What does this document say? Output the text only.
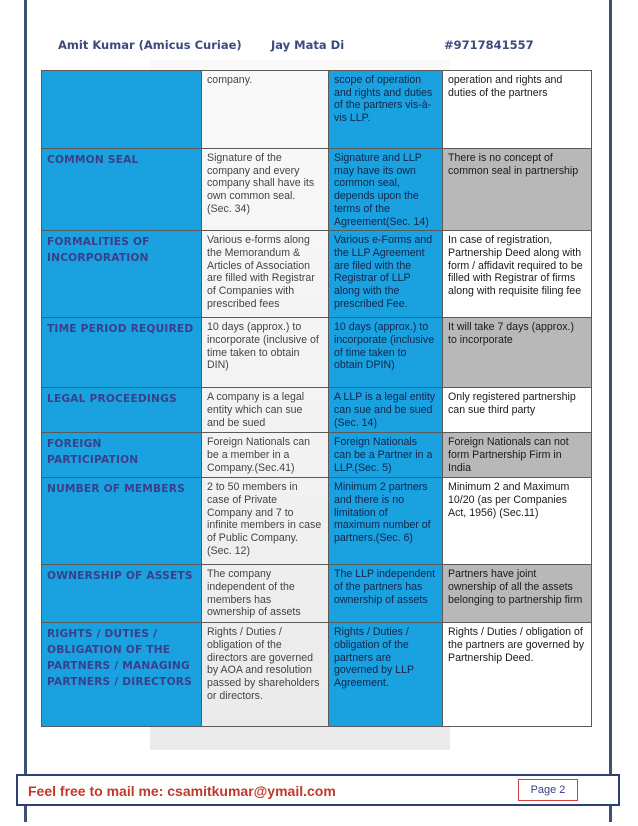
Amit Kumar (Amicus Curiae)	Jay Mata Di	#9717841557
	company.	scope of operation and rights and duties of the partners vis-à-vis LLP.	operation and rights and duties of the partners
COMMON SEAL	Signature of the company and every company shall have its own common seal. (Sec. 34)	Signature and LLP may have its own common seal, depends upon the terms of the Agreement(Sec. 14)	There is no concept of common seal in partnership
FORMALITIES OF INCORPORATION	Various e-forms along the Memorandum & Articles of Association are filled with Registrar of Companies with prescribed fees	Various e-Forms and the LLP Agreement are filed with the Registrar of LLP along with the prescribed Fee.	In case of registration, Partnership Deed along with form / affidavit required to be filled with Registrar of firms along with requisite filing fee
TIME PERIOD REQUIRED	10 days (approx.) to incorporate (inclusive of time taken to obtain DIN)	10 days (approx.) to incorporate (inclusive of time taken to obtain DPIN)	It will take 7 days (approx.) to incorporate
LEGAL PROCEEDINGS	A company is a legal entity which can sue and be sued	A LLP is a legal entity can sue and be sued (Sec. 14)	Only registered partnership can sue third party
FOREIGN PARTICIPATION	Foreign Nationals can be a member in a Company.(Sec.41)	Foreign Nationals can be a Partner in a LLP.(Sec. 5)	Foreign Nationals can not form Partnership Firm in India
NUMBER OF MEMBERS	2 to 50 members in case of Private Company and 7 to infinite members in case of Public Company. (Sec. 12)	Minimum 2 partners and there is no limitation of maximum number of partners.(Sec. 6)	Minimum 2 and Maximum 10/20 (as per Companies Act, 1956) (Sec.11)
OWNERSHIP OF ASSETS	The company independent of the members has ownership of assets	The LLP independent of the partners has ownership of assets	Partners have joint ownership of all the assets belonging to partnership firm
RIGHTS / DUTIES / OBLIGATION OF THE PARTNERS / MANAGING PARTNERS / DIRECTORS	Rights / Duties / obligation of the directors are governed by AOA and resolution passed by shareholders or directors.	Rights / Duties / obligation of the partners are governed by LLP Agreement.	Rights / Duties / obligation of the partners are governed by Partnership Deed.
Feel free to mail me: csamitkumar@ymail.com	Page 2
